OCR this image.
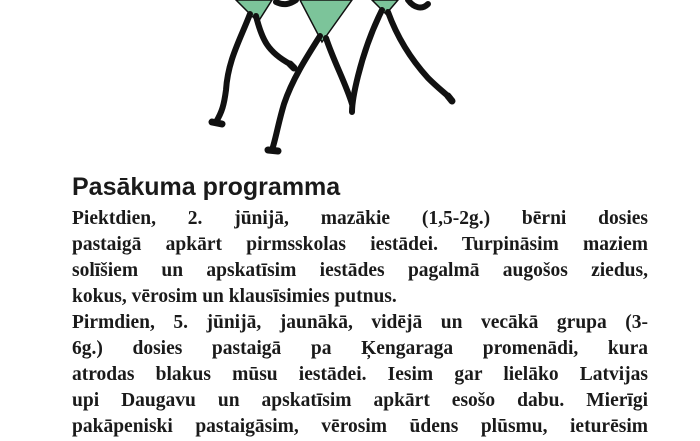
Pasākuma programma
Piektdien, 2. jūnijā, mazākie (1,5-2g.) bērni dosies
pastaigā apkārt pirmsskolas iestādei. Turpināsim maziem
solīšiem un apskatīsim iestādes pagalmā augošos ziedus,
kokus, vērosim un klausīsimies putnus.
Pirmdien, 5. jūnijā, jaunākā, vidējā un vecākā grupa (3-
6g.) dosies pastaigā pa Ķengaraga promenādi, kura
atrodas blakus mūsu iestādei. Iesim gar lielāko Latvijas
upi Daugavu un apskatīsim apkārt esošo dabu. Mierīgi
pakāpeniski pastaigāsim, vērosim ūdens plūsmu, ieturēsim
